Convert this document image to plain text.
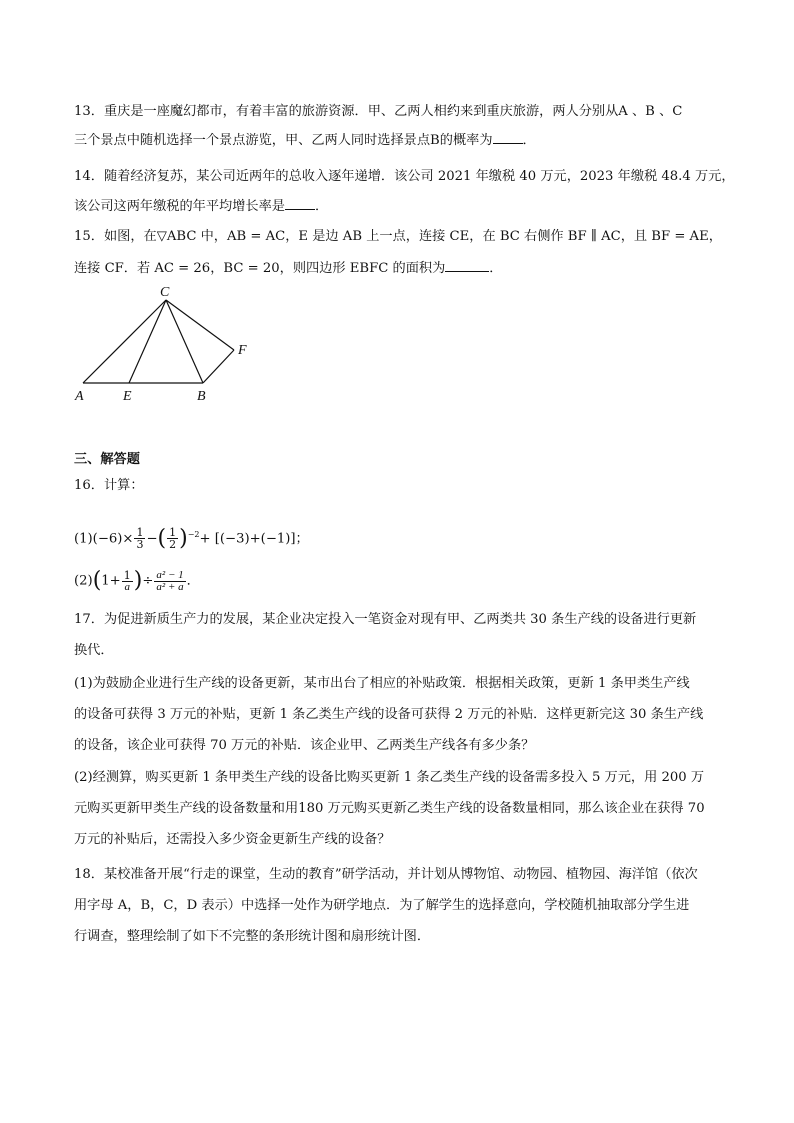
13．重庆是一座魔幻都市，有着丰富的旅游资源．甲、乙两人相约来到重庆旅游，两人分别从A 、B 、C
三个景点中随机选择一个景点游览，甲、乙两人同时选择景点B的概率为 ．
14．随着经济复苏，某公司近两年的总收入逐年递增．该公司 2021 年缴税 40 万元，2023 年缴税 48.4 万元，
该公司这两年缴税的年平均增长率是 ．
15．如图，在▽ABC 中，AB = AC，E 是边 AB 上一点，连接 CE，在 BC 右侧作 BF ∥ AC，且 BF = AE，
连接 CF．若 AC = 26，BC = 20，则四边形 EBFC 的面积为	．
C
F
A	E	B
三、解答题
16．计算：
$(1)(-6)\times \frac{1}{3}$ −( $\frac{1}{2} )^{-2}+ [(-3)+(-1)]$；
$(2)(1+ \frac{1}{a}$ )÷ $\frac{\text{a² − 1}}{\text{a² + a}}$ ．
17．为促进新质生产力的发展，某企业决定投入一笔资金对现有甲、乙两类共 30 条生产线的设备进行更新
换代．
(1)为鼓励企业进行生产线的设备更新，某市出台了相应的补贴政策．根据相关政策，更新 1 条甲类生产线
的设备可获得 3 万元的补贴，更新 1 条乙类生产线的设备可获得 2 万元的补贴．这样更新完这 30 条生产线
的设备，该企业可获得 70 万元的补贴．该企业甲、乙两类生产线各有多少条？
(2)经测算，购买更新 1 条甲类生产线的设备比购买更新 1 条乙类生产线的设备需多投入 5 万元，用 200 万
元购买更新甲类生产线的设备数量和用180 万元购买更新乙类生产线的设备数量相同，那么该企业在获得 70
万元的补贴后，还需投入多少资金更新生产线的设备？
18．某校准备开展“行走的课堂，生动的教育”研学活动，并计划从博物馆、动物园、植物园、海洋馆（依次
用字母 A，B，C，D 表示）中选择一处作为研学地点．为了解学生的选择意向，学校随机抽取部分学生进
行调查，整理绘制了如下不完整的条形统计图和扇形统计图．
